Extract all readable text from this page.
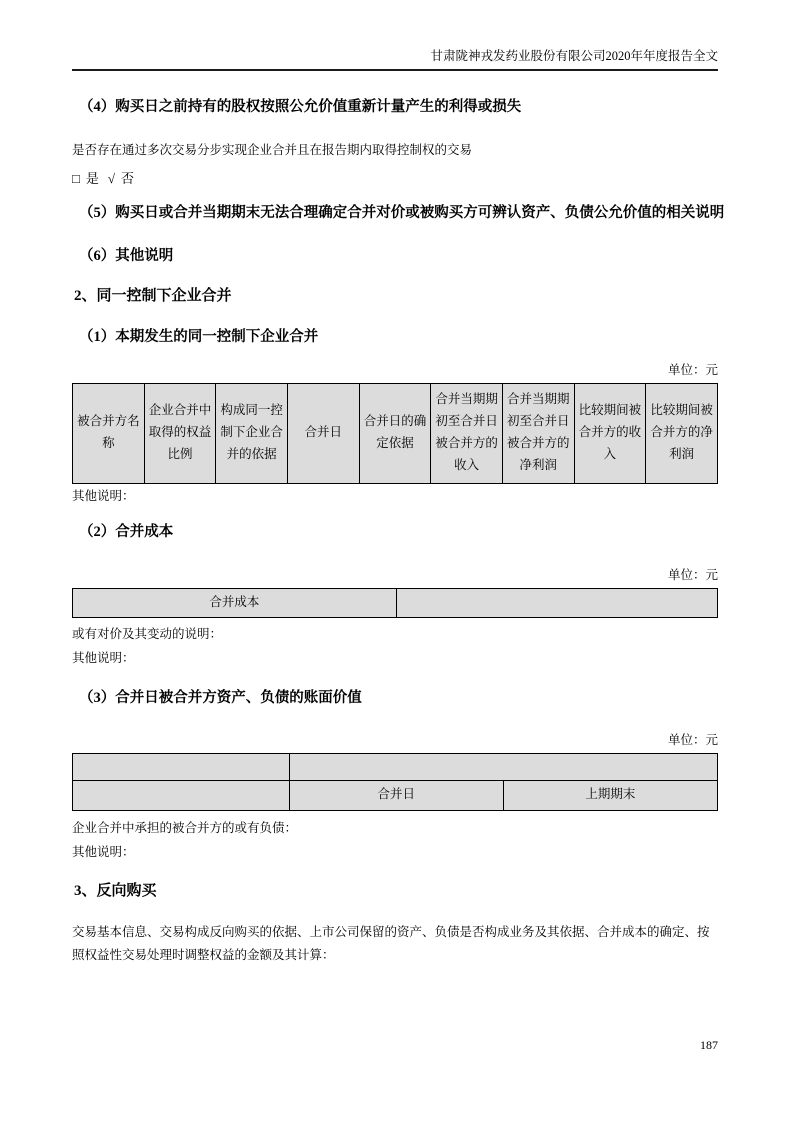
甘肃陇神戎发药业股份有限公司2020年年度报告全文
（4）购买日之前持有的股权按照公允价值重新计量产生的利得或损失
是否存在通过多次交易分步实现企业合并且在报告期内取得控制权的交易
□ 是 √ 否
（5）购买日或合并当期期末无法合理确定合并对价或被购买方可辨认资产、负债公允价值的相关说明
（6）其他说明
2、同一控制下企业合并
（1）本期发生的同一控制下企业合并
单位：元
被合并方名称	企业合并中取得的权益比例	构成同一控制下企业合并的依据	合并日	合并日的确定依据	合并当期期初至合并日被合并方的收入	合并当期期初至合并日被合并方的净利润	比较期间被合并方的收入	比较期间被合并方的净利润
其他说明：
（2）合并成本
单位：元
合并成本	
或有对价及其变动的说明：
其他说明：
（3）合并日被合并方资产、负债的账面价值
单位：元

	合并日	上期期末
企业合并中承担的被合并方的或有负债：
其他说明：
3、反向购买
交易基本信息、交易构成反向购买的依据、上市公司保留的资产、负债是否构成业务及其依据、合并成本的确定、按照权益性交易处理时调整权益的金额及其计算：
187
